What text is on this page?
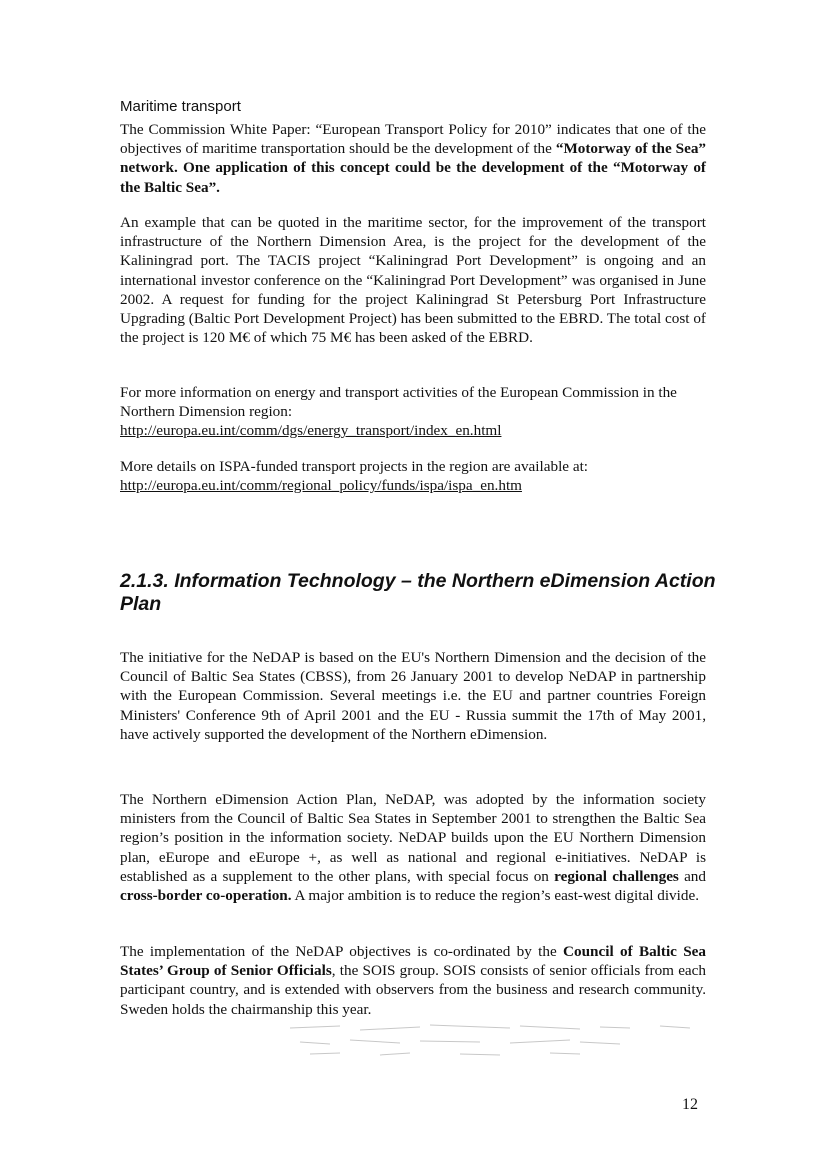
Maritime transport

The Commission White Paper: “European Transport Policy for 2010” indicates that one of the objectives of maritime transportation should be the development of the “Motorway of the Sea” network. One application of this concept could be the development of the “Motorway of the Baltic Sea”.

An example that can be quoted in the maritime sector, for the improvement of the transport infrastructure of the Northern Dimension Area, is the project for the development of the Kaliningrad port. The TACIS project “Kaliningrad Port Development” is ongoing and an international investor conference on the “Kaliningrad Port Development” was organised in June 2002. A request for funding for the project Kaliningrad St Petersburg Port Infrastructure Upgrading (Baltic Port Development Project) has been submitted to the EBRD. The total cost of the project is 120 M€ of which 75 M€ has been asked of the EBRD.

For more information on energy and transport activities of the European Commission in the Northern Dimension region:

http://europa.eu.int/comm/dgs/energy_transport/index_en.html

More details on ISPA-funded transport projects in the region are available at:

http://europa.eu.int/comm/regional_policy/funds/ispa/ispa_en.htm
2.1.3. Information Technology – the Northern eDimension Action Plan

The initiative for the NeDAP is based on the EU's Northern Dimension and the decision of the Council of Baltic Sea States (CBSS), from 26 January 2001 to develop NeDAP in partnership with the European Commission. Several meetings i.e. the EU and partner countries Foreign Ministers' Conference 9th of April 2001 and the EU - Russia summit the 17th of May 2001, have actively supported the development of the Northern eDimension.

The Northern eDimension Action Plan, NeDAP, was adopted by the information society ministers from the Council of Baltic Sea States in September 2001 to strengthen the Baltic Sea region’s position in the information society. NeDAP builds upon the EU Northern Dimension plan, eEurope and eEurope +, as well as national and regional e-initiatives. NeDAP is established as a supplement to the other plans, with special focus on regional challenges and cross-border co-operation. A major ambition is to reduce the region’s east-west digital divide.

The implementation of the NeDAP objectives is co-ordinated by the Council of Baltic Sea States’ Group of Senior Officials, the SOIS group. SOIS consists of senior officials from each participant country, and is extended with observers from the business and research community. Sweden holds the chairmanship this year.

12
